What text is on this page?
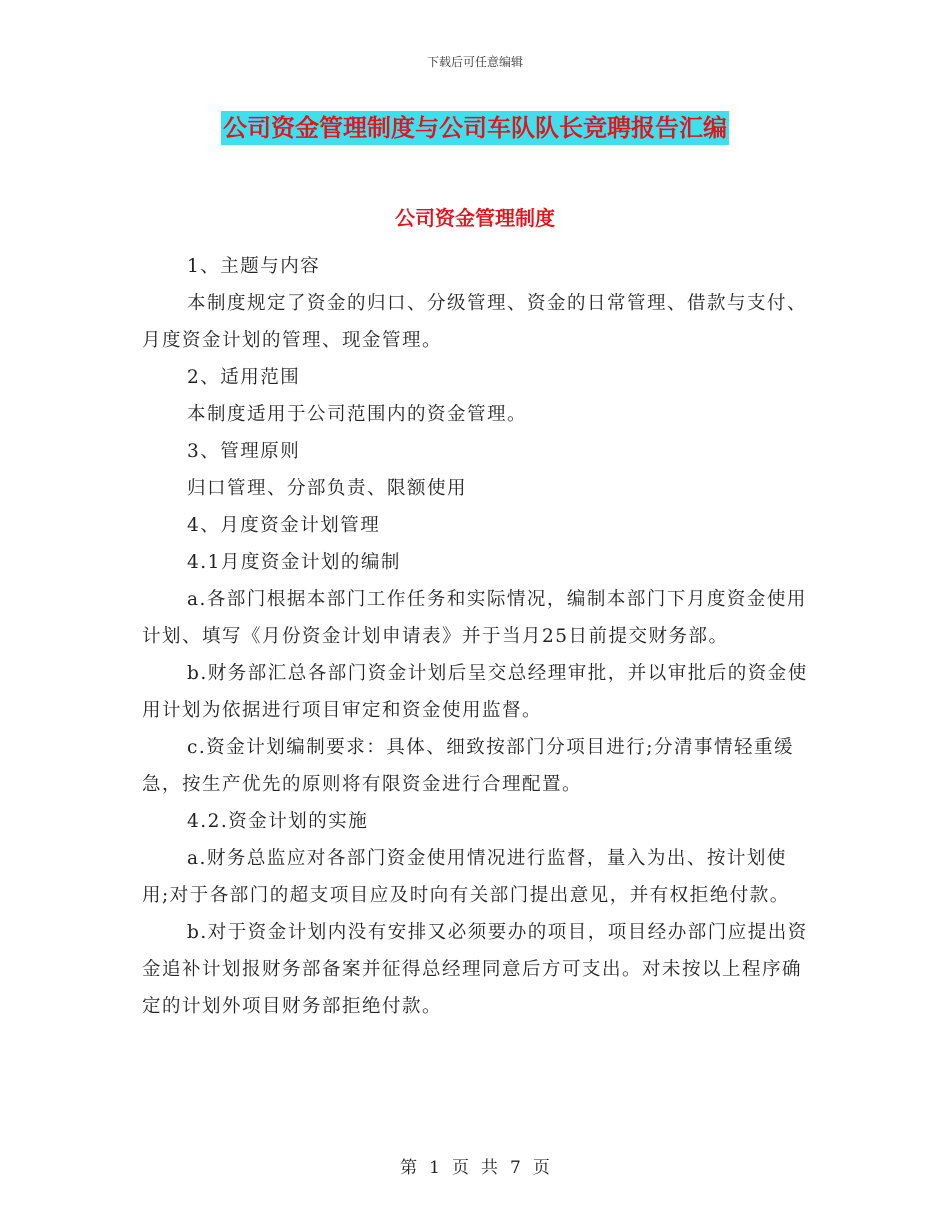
下载后可任意编辑
公司资金管理制度与公司车队队长竞聘报告汇编
公司资金管理制度

1、主题与内容

本制度规定了资金的归口、分级管理、资金的日常管理、借款与支付、月度资金计划的管理、现金管理。

2、适用范围

本制度适用于公司范围内的资金管理。

3、管理原则

归口管理、分部负责、限额使用

4、月度资金计划管理

4.1月度资金计划的编制

a.各部门根据本部门工作任务和实际情况，编制本部门下月度资金使用计划、填写《月份资金计划申请表》并于当月25日前提交财务部。

b.财务部汇总各部门资金计划后呈交总经理审批，并以审批后的资金使用计划为依据进行项目审定和资金使用监督。

c.资金计划编制要求：具体、细致按部门分项目进行;分清事情轻重缓急，按生产优先的原则将有限资金进行合理配置。

4.2.资金计划的实施

a.财务总监应对各部门资金使用情况进行监督，量入为出、按计划使用;对于各部门的超支项目应及时向有关部门提出意见，并有权拒绝付款。

b.对于资金计划内没有安排又必须要办的项目，项目经办部门应提出资金追补计划报财务部备案并征得总经理同意后方可支出。对未按以上程序确定的计划外项目财务部拒绝付款。

第 1 页 共 7 页
